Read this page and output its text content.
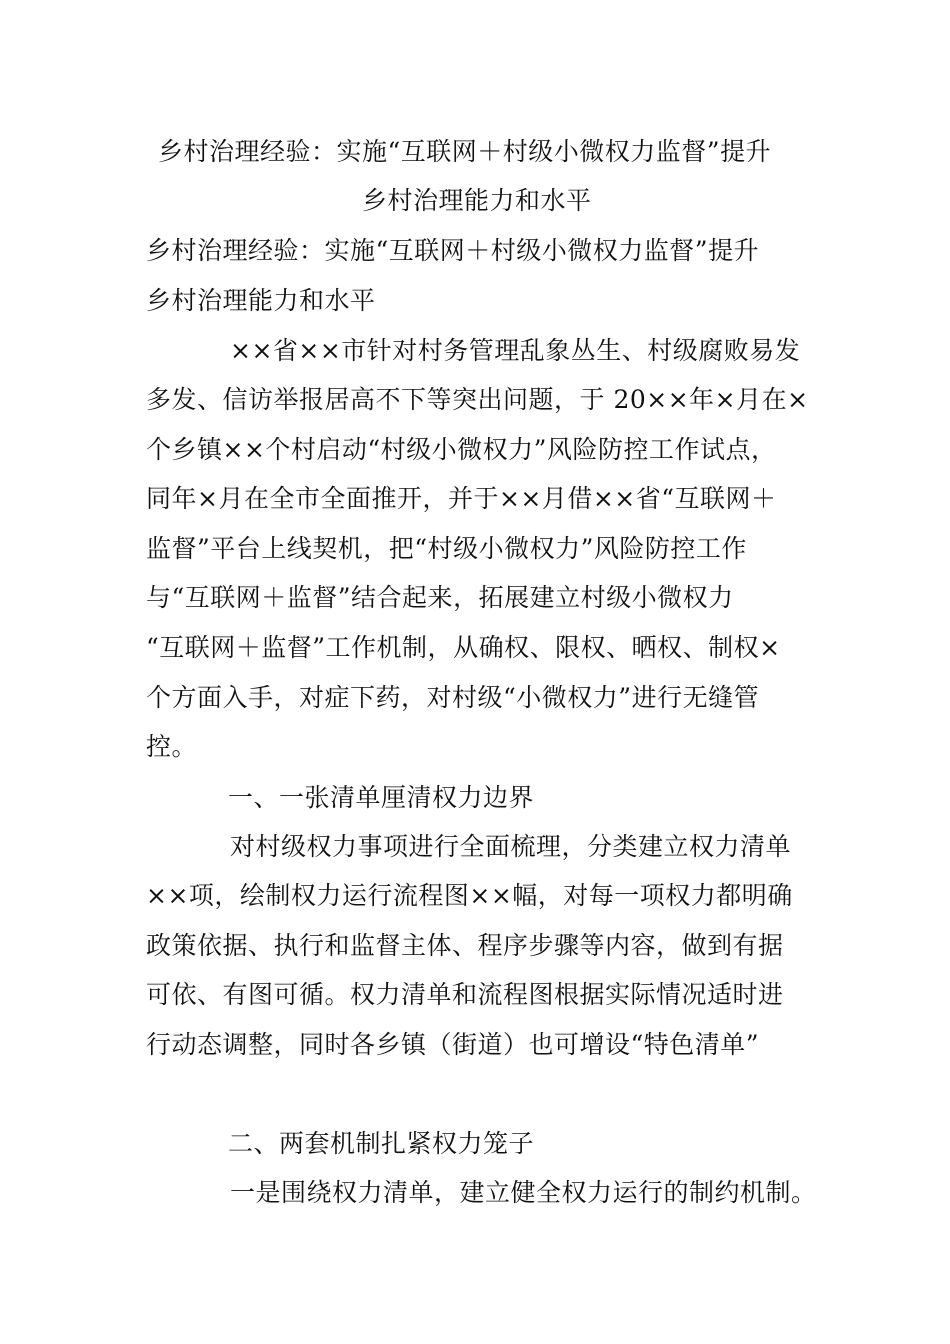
乡村治理经验：实施“互联网＋村级小微权力监督”提升
乡村治理能力和水平
乡村治理经验：实施“互联网＋村级小微权力监督”提升
乡村治理能力和水平
××省××市针对村务管理乱象丛生、村级腐败易发
多发、信访举报居高不下等突出问题，于 20××年×月在×
个乡镇××个村启动“村级小微权力”风险防控工作试点，
同年×月在全市全面推开，并于××月借××省“互联网＋
监督”平台上线契机，把“村级小微权力”风险防控工作
与“互联网＋监督”结合起来，拓展建立村级小微权力
“互联网＋监督”工作机制，从确权、限权、晒权、制权×
个方面入手，对症下药，对村级“小微权力”进行无缝管
控。
一、一张清单厘清权力边界
对村级权力事项进行全面梳理，分类建立权力清单
××项，绘制权力运行流程图××幅，对每一项权力都明确
政策依据、执行和监督主体、程序步骤等内容，做到有据
可依、有图可循。权力清单和流程图根据实际情况适时进
行动态调整，同时各乡镇（街道）也可增设“特色清单”
二、两套机制扎紧权力笼子
一是围绕权力清单，建立健全权力运行的制约机制。
